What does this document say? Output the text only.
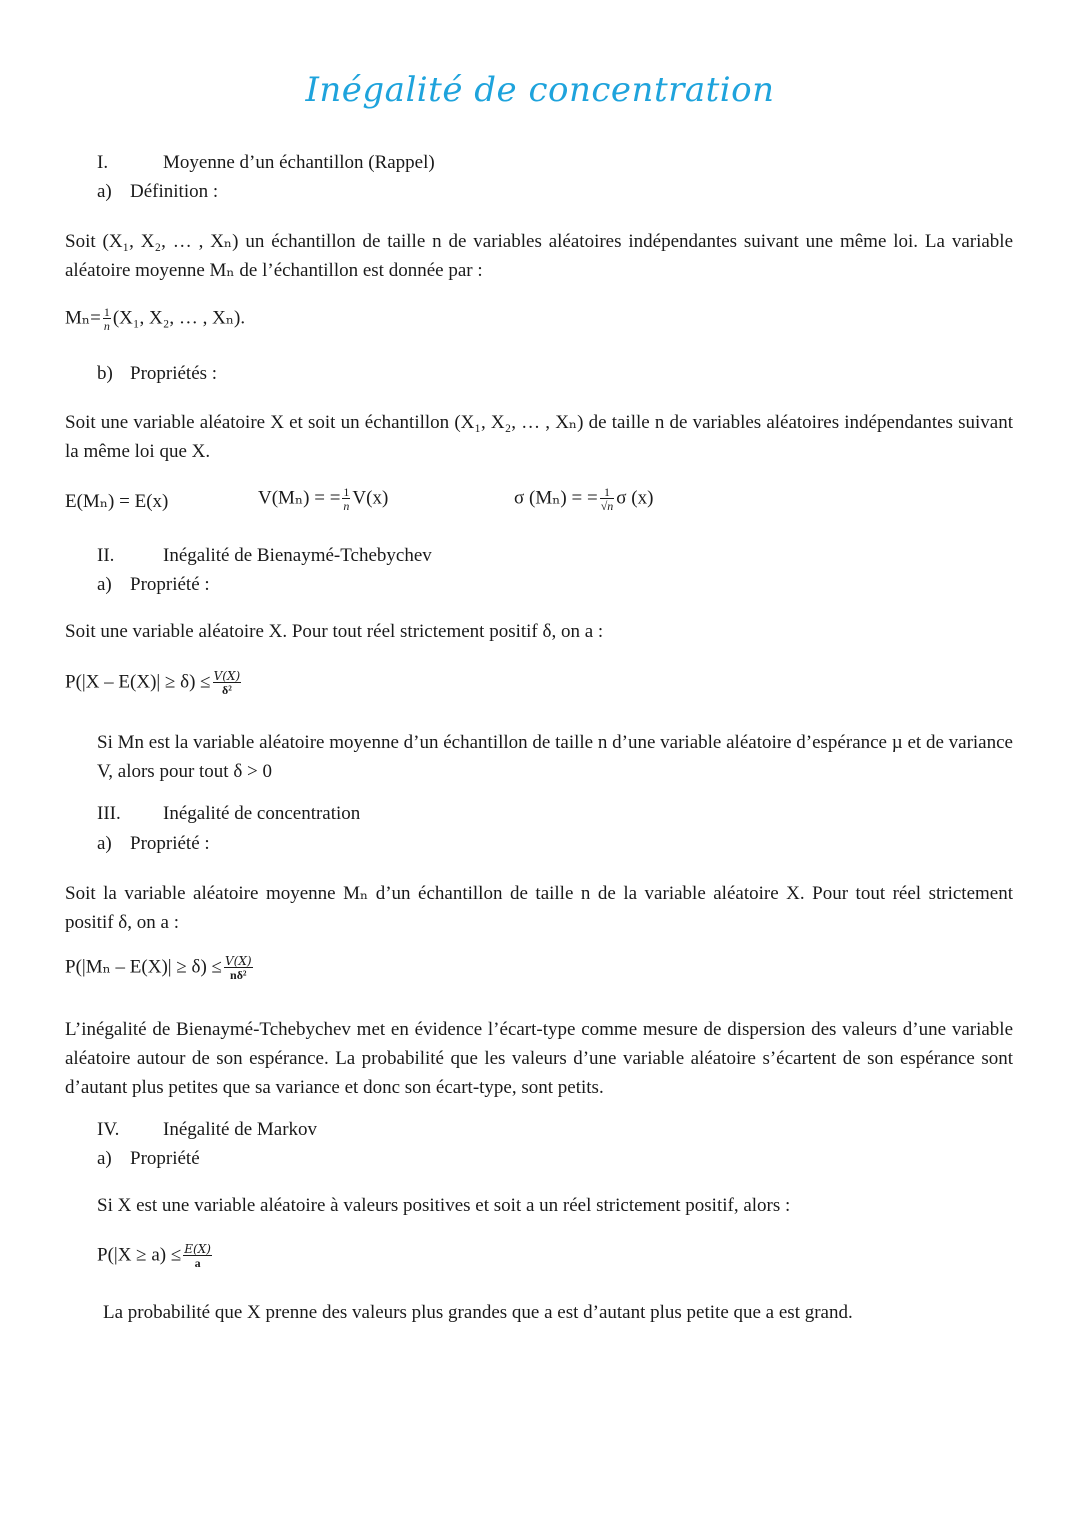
Inégalité de concentration
I.	Moyenne d’un échantillon (Rappel)
a) Définition :
Soit (X₁, X₂, … , Xₙ) un échantillon de taille n de variables aléatoires indépendantes suivant une même loi. La variable aléatoire moyenne Mₙ de l’échantillon est donnée par :
$M_n= \frac{1}{n} (X_1$, X₂, … , Xₙ).
b) Propriétés :
Soit une variable aléatoire X et soit un échantillon (X₁, X₂, … , Xₙ) de taille n de variables aléatoires indépendantes suivant la même loi que X.
E(Mₙ) = E(x)	V(Mₙ) = = $\frac{1}{n} V(x)$	σ (Mₙ) = = $\frac{1}{√n}$ σ (x)
II.	Inégalité de Bienaymé-Tchebychev
a) Propriété :
Soit une variable aléatoire X. Pour tout réel strictement positif δ, on a :
$P(|X - E(X)| \ge \delta) \le \frac{V(X)}{\text{δ²}}$
Si Mn est la variable aléatoire moyenne d’un échantillon de taille n d’une variable aléatoire d’espérance µ et de variance V, alors pour tout δ > 0
III. Inégalité de concentration
a) Propriété :
Soit la variable aléatoire moyenne Mₙ d’un échantillon de taille n de la variable aléatoire X. Pour tout réel strictement positif δ, on a :
$P(|M_n - E(X)| \ge \delta) \le \frac{V(X)}{\text{nδ²}}$
L’inégalité de Bienaymé-Tchebychev met en évidence l’écart-type comme mesure de dispersion des valeurs d’une variable aléatoire autour de son espérance. La probabilité que les valeurs d’une variable aléatoire s’écartent de son espérance sont d’autant plus petites que sa variance et donc son écart-type, sont petits.
IV. Inégalité de Markov
a) Propriété
Si X est une variable aléatoire à valeurs positives et soit a un réel strictement positif, alors :
$P(|X \ge a) \le \frac{E(X)}{a}$
La probabilité que X prenne des valeurs plus grandes que a est d’autant plus petite que a est grand.
